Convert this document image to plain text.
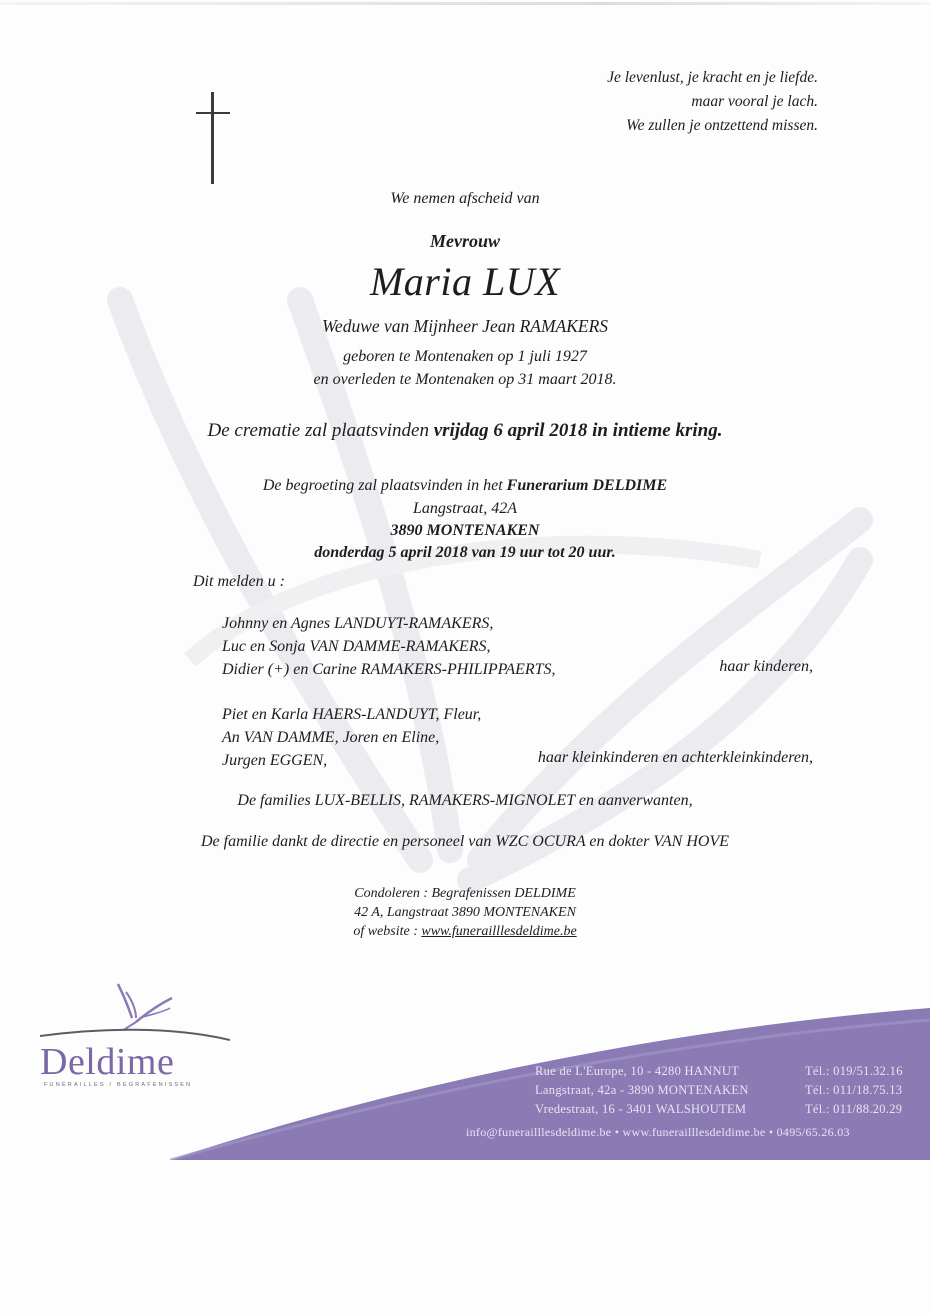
Je levenlust, je kracht en je liefde.
maar vooral je lach.
We zullen je ontzettend missen.
We nemen afscheid van
Mevrouw
Maria LUX
Weduwe van Mijnheer Jean RAMAKERS
geboren te Montenaken op 1 juli 1927
en overleden te Montenaken op 31 maart 2018.
De crematie zal plaatsvinden vrijdag 6 april 2018 in intieme kring.
De begroeting zal plaatsvinden in het Funerarium DELDIME
Langstraat, 42A
3890 MONTENAKEN
donderdag 5 april 2018 van 19 uur tot 20 uur.
Dit melden u :
Johnny en Agnes LANDUYT-RAMAKERS,
Luc en Sonja VAN DAMME-RAMAKERS,
Didier (+) en Carine RAMAKERS-PHILIPPAERTS,	haar kinderen,
Piet en Karla HAERS-LANDUYT, Fleur,
An VAN DAMME, Joren en Eline,
Jurgen EGGEN,	haar kleinkinderen en achterkleinkinderen,
De families LUX-BELLIS, RAMAKERS-MIGNOLET en aanverwanten,
De familie dankt de directie en personeel van WZC OCURA en dokter VAN HOVE
Condoleren : Begrafenissen DELDIME
42 A, Langstraat 3890 MONTENAKEN
of website : www.funerailllesdeldime.be
Rue de L'Europe, 10 - 4280 HANNUT	Tél.: 019/51.32.16
Langstraat, 42a - 3890 MONTENAKEN	Tél.: 011/18.75.13
Vredestraat, 16 - 3401 WALSHOUTEM	Tél.: 011/88.20.29
info@funerailllesdeldime.be • www.funerailllesdeldime.be • 0495/65.26.03
Deldime
FUNÉRAILLES / BEGRAFENISSEN
